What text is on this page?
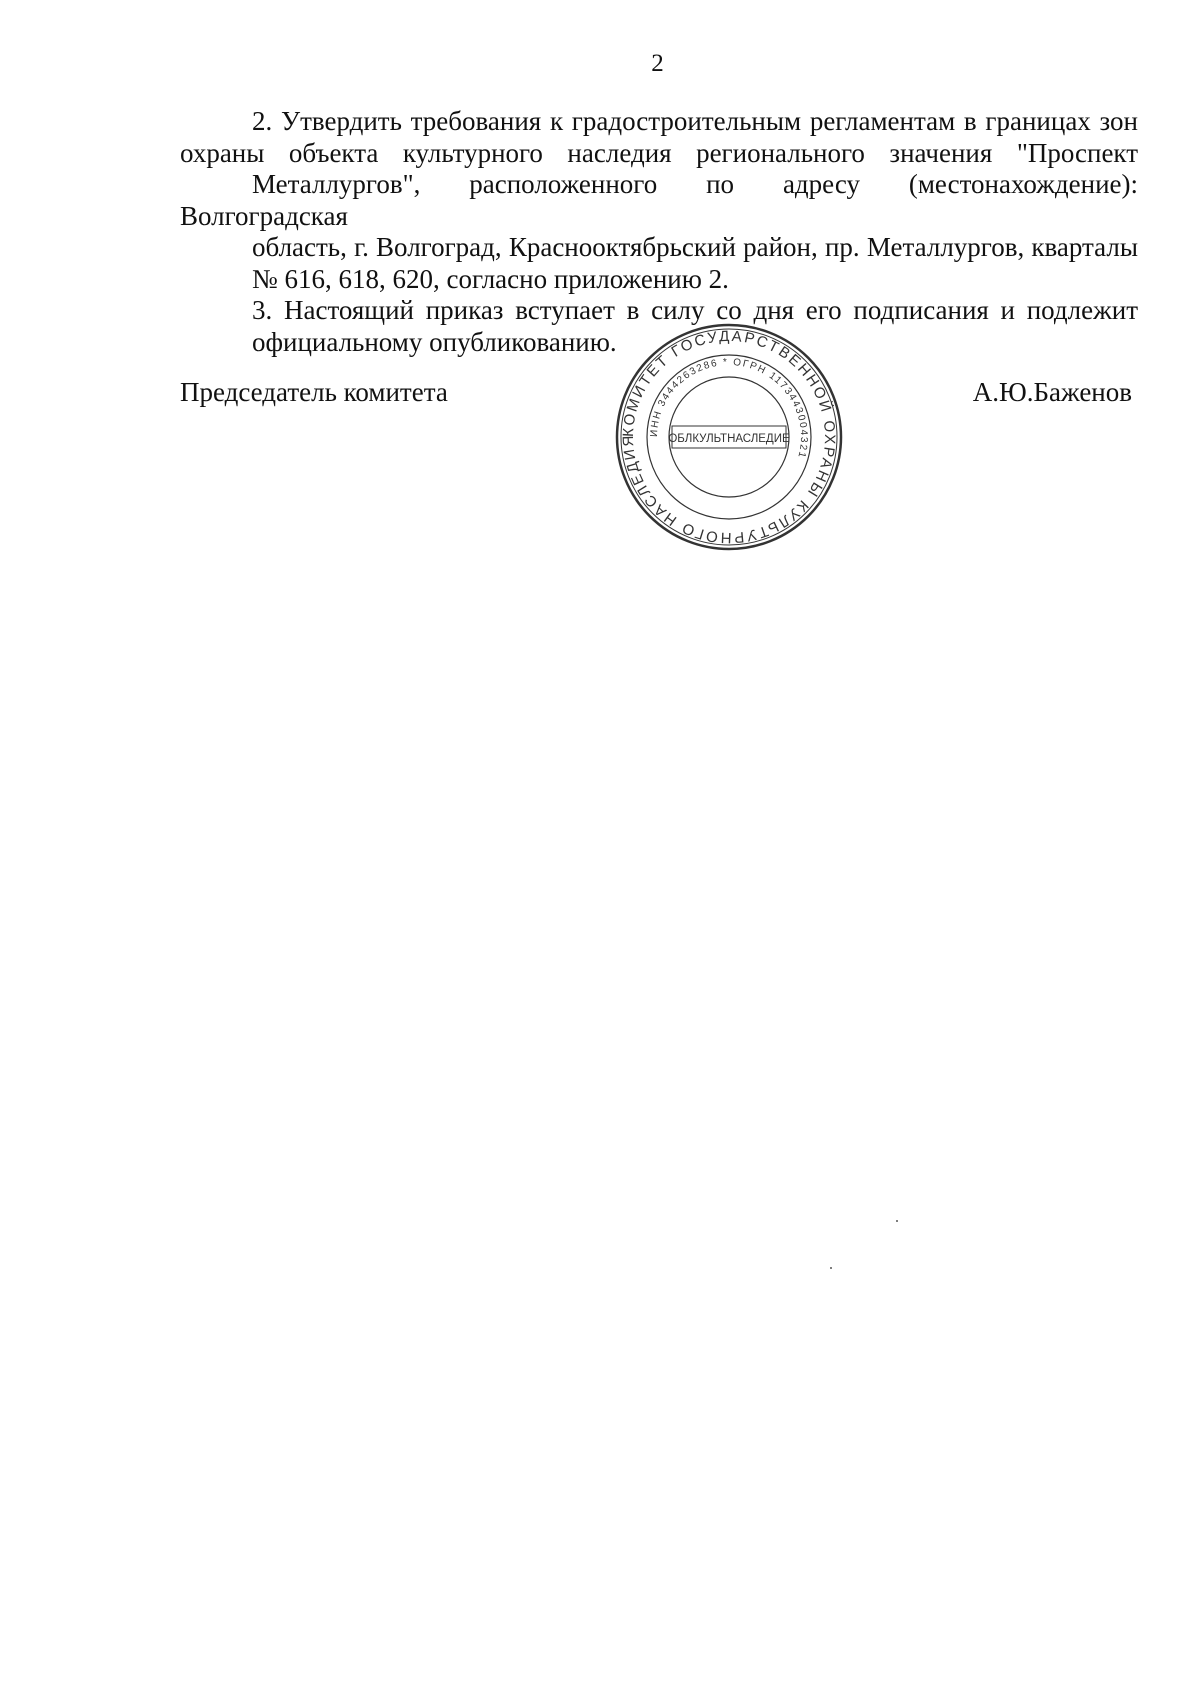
2

2. Утвердить требования к градостроительным регламентам в границах зон
охраны объекта культурного наследия регионального значения "Проспект
Металлургов", расположенного по адресу (местонахождение): Волгоградская
область, г. Волгоград, Краснооктябрьский район, пр. Металлургов, кварталы
№ 616, 618, 620, согласно приложению 2.

3. Настоящий приказ вступает в силу со дня его подписания и подлежит
официальному опубликованию.

Председатель комитета	А.Ю.Баженов
КОМИТЕТ ГОСУДАРСТВЕННОЙ ОХРАНЫ КУЛЬТУРНОГО НАСЛЕДИЯ
ИНН 3444263286 * ОГРН 1173443004321
ОБЛКУЛЬТНАСЛЕДИЕ
